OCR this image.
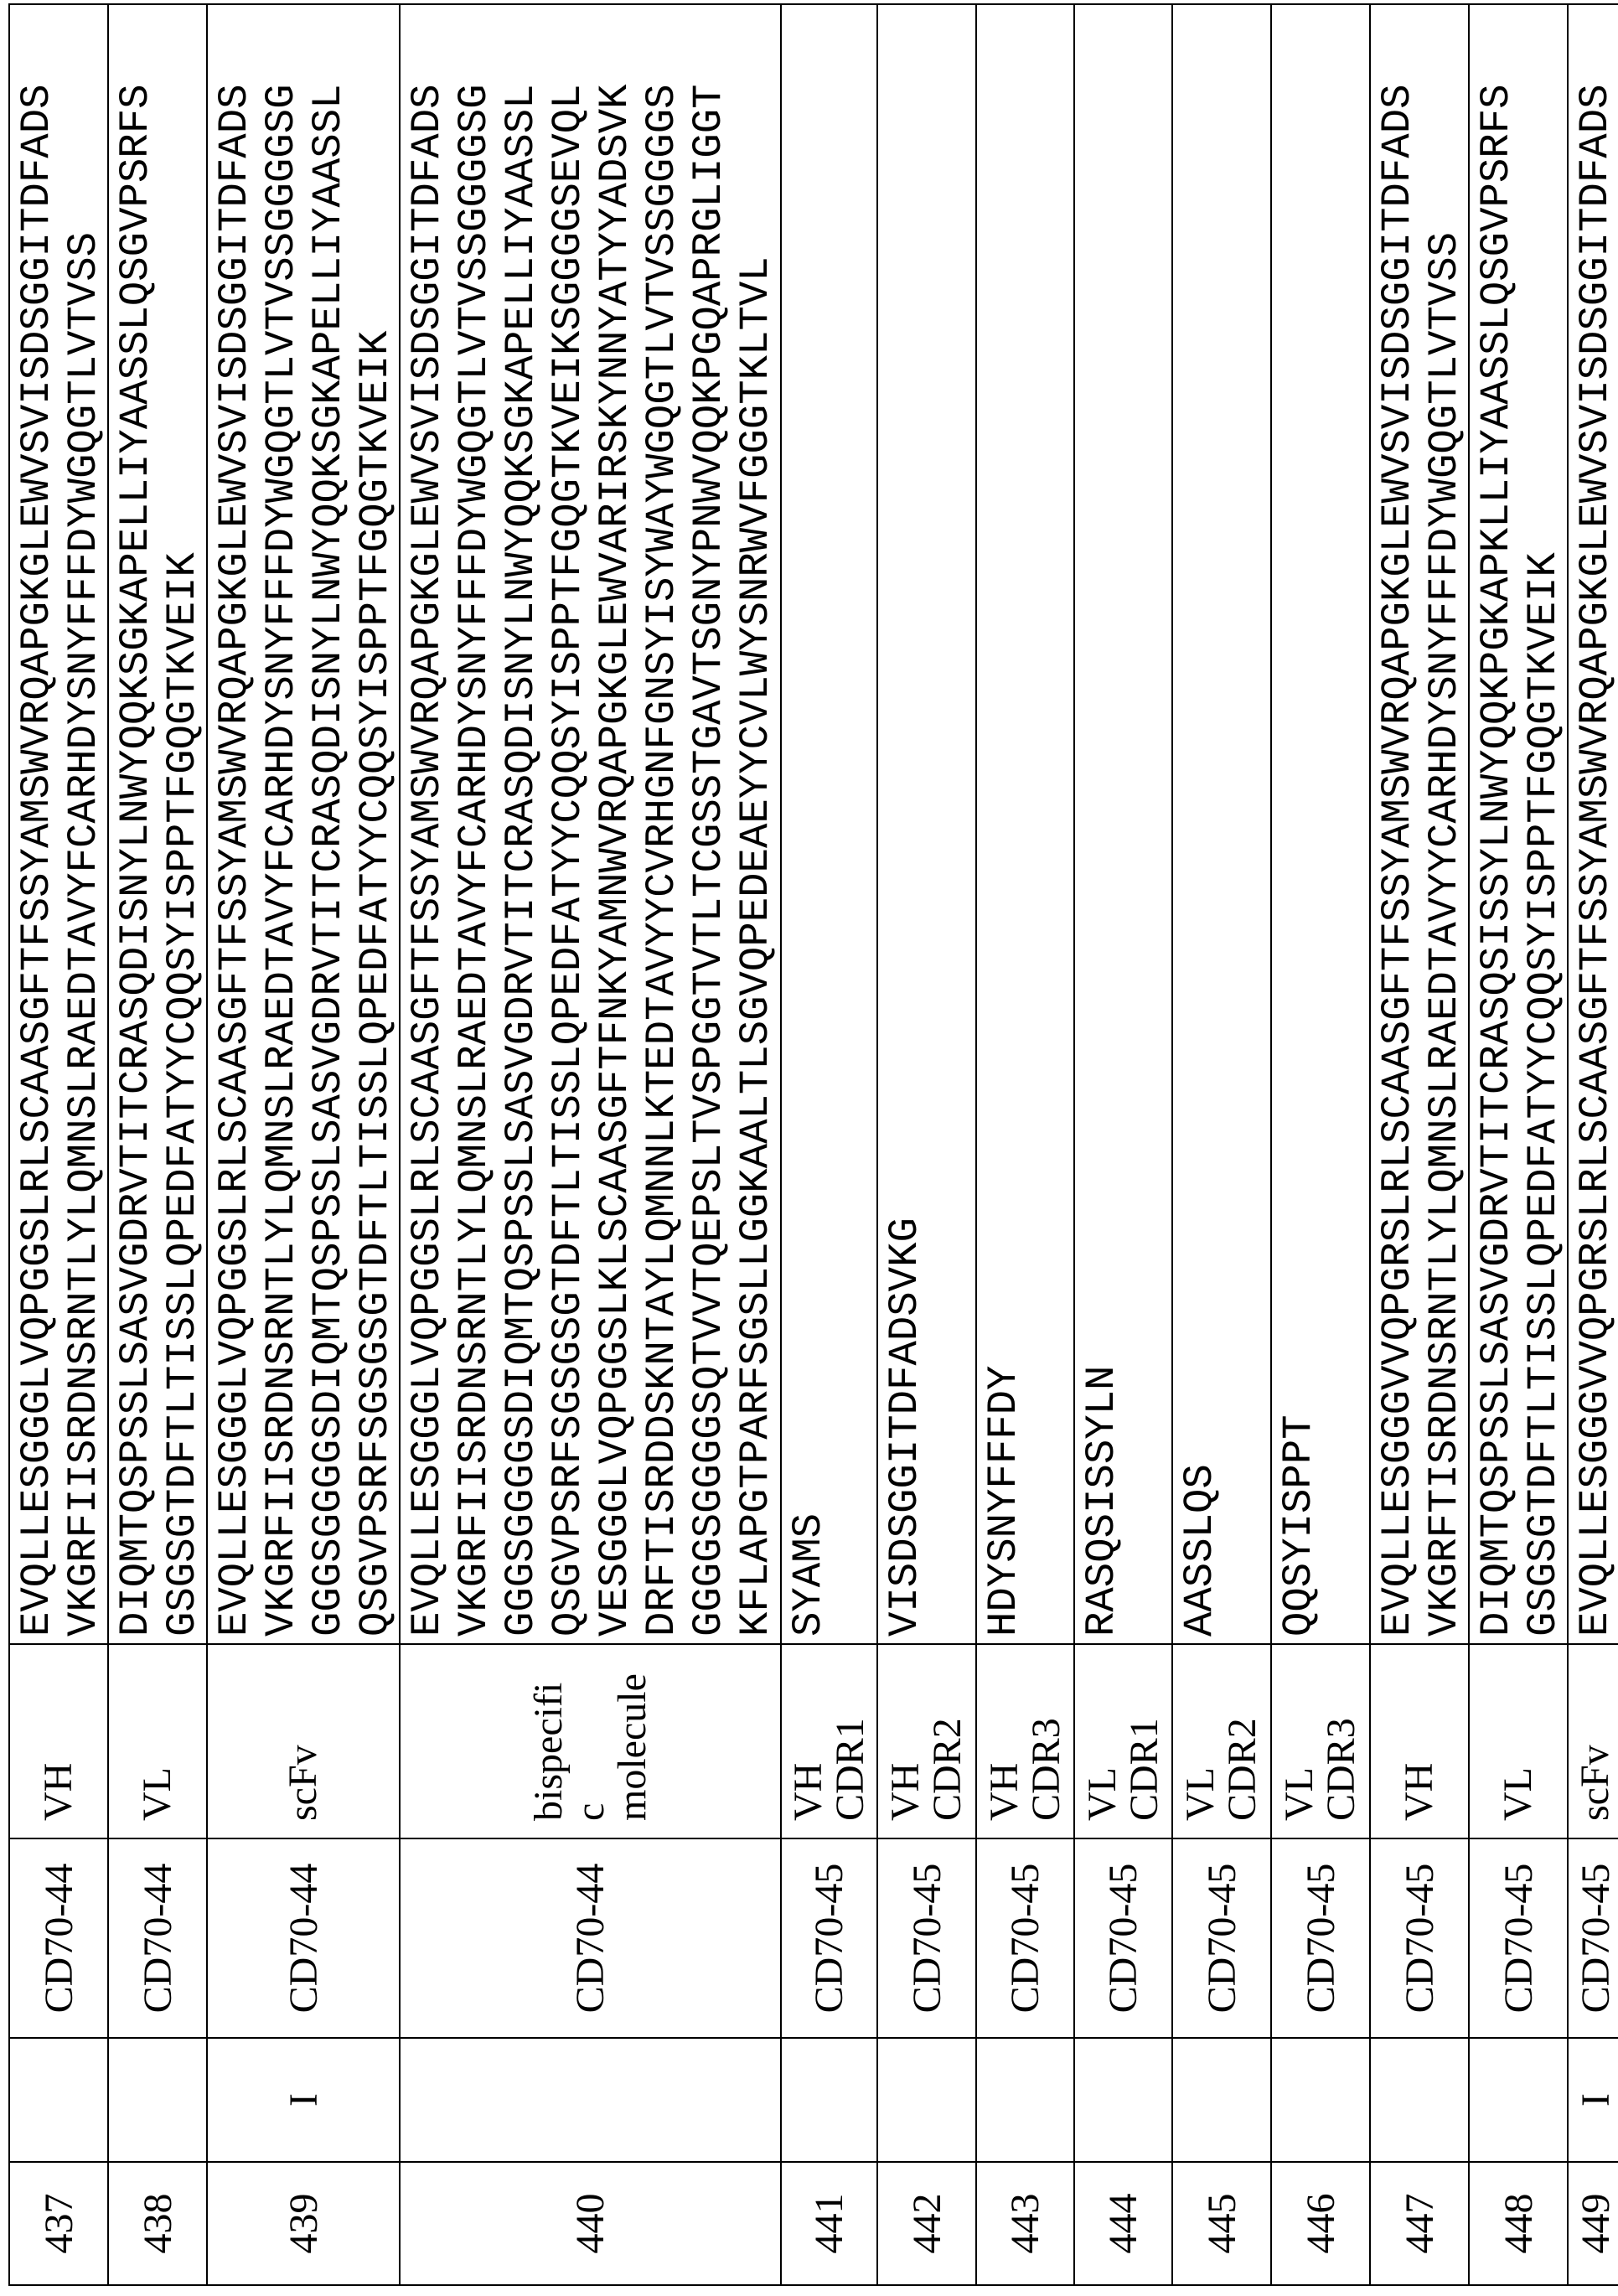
437		CD70-44	
VH

EVQLLESGGGLVQPGGSLRLSCAASGFTFSSYAMSWVRQAPGKGLEWVSVISDSGGITDFADS VKGRFIISRDNSRNTLYLQMNSLRAEDTAVYFCARHDYSNYFFFDYWGQGTLVTVSS

438		CD70-44	
VL

DIQMTQSPSSLSASVGDRVTITCRASQDISNYLNWYQQKSGKAPELLIYAASSLQSGVPSRFS GSGSGTDFTLTISSLQPEDFATYYCQQSYISPPTFGQGTKVEIK

439	I	CD70-44	
scFv

EVQLLESGGGLVQPGGSLRLSCAASGFTFSSYAMSWVRQAPGKGLEWVSVISDSGGITDFADS VKGRFIISRDNSRNTLYLQMNSLRAEDTAVYFCARHDYSNYFFFDYWGQGTLVTVSSGGGGSG GGGSGGGGSDIQMTQSPSSLSASVGDRVTITCRASQDISNYLNWYQQKSGKAPELLIYAASSL QSGVPSRFSGSGSGTDFTLTISSLQPEDFATYYCQQSYISPPTFGQGTKVEIK

440		CD70-44	
bispecific molecule

EVQLLESGGGLVQPGGSLRLSCAASGFTFSSYAMSWVRQAPGKGLEWVSVISDSGGITDFADS VKGRFIISRDNSRNTLYLQMNSLRAEDTAVYFCARHDYSNYFFFDYWGQGTLVTVSSGGGGSG GGGSGGGGSDIQMTQSPSSLSASVGDRVTITCRASQDISNYLNWYQQKSGKAPELLIYAASSL QSGVPSRFSGSGSGTDFTLTISSLQPEDFATYYCQQSYISPPTFGQGTKVEIKSGGGGSEVQL VESGGGLVQPGGSLKLSCAASGFTFNKYAMNWVRQAPGKGLEWVARIRSKYNNYATYYADSVK DRFTISRDDSKNTAYLQMNNLKTEDTAVYYCVRHGNFGNSYISYWAYWGQGTLVTVSSGGGGS GGGGSGGGGSQTVVTQEPSLTVSPGGTVTLTCGSSTGAVTSGNYPNWVQQKPGQAPRGLIGGT KFLAPGTPARFSGSLLGGKAALTLSGVQPEDEAEYYCVLWYSNRWVFGGGTKLTVL

441		CD70-45	
VH CDR1

SYAMS

442		CD70-45	
VH CDR2

VISDSGGITDFADSVKG

443		CD70-45	
VH CDR3

HDYSNYFFFDY

444		CD70-45	
VL CDR1

RASQSISSYLN

445		CD70-45	
VL CDR2

AASSLQS

446		CD70-45	
VL CDR3

QQSYISPPT

447		CD70-45	
VH

EVQLLESGGGVVQPGRSLRLSCAASGFTFSSYAMSWVRQAPGKGLEWVSVISDSGGITDFADS VKGRFTISRDNSRNTLYLQMNSLRAEDTAVYYCARHDYSNYFFFDYWGQGTLVTVSS

448		CD70-45	
VL

DIQMTQSPSSLSASVGDRVTITCRASQSISSYLNWYQQKPGKAPKLLIYAASSLQSGVPSRFS GSGSGTDFTLTISSLQPEDFATYYCQQSYISPPTFGQGTKVEIK

449	I	CD70-45	
scFv

EVQLLESGGGVVQPGRSLRLSCAASGFTFSSYAMSWVRQAPGKGLEWVSVISDSGGITDFADS
